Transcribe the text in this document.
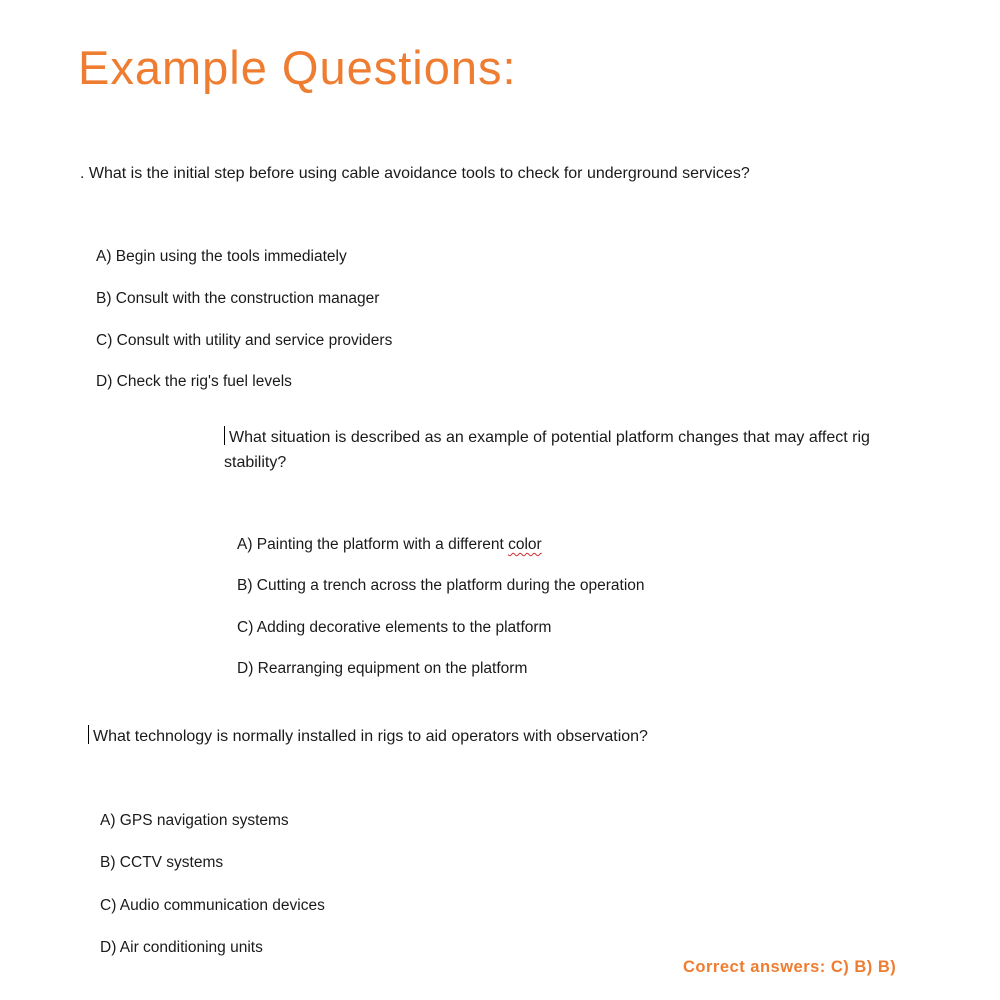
Example Questions:
. What is the initial step before using cable avoidance tools to check for underground services?
A) Begin using the tools immediately
B) Consult with the construction manager
C) Consult with utility and service providers
D) Check the rig's fuel levels
What situation is described as an example of potential platform changes that may affect rig
stability?
A) Painting the platform with a different color
B) Cutting a trench across the platform during the operation
C) Adding decorative elements to the platform
D) Rearranging equipment on the platform
What technology is normally installed in rigs to aid operators with observation?
A) GPS navigation systems
B) CCTV systems
C) Audio communication devices
D) Air conditioning units
Correct answers: C) B) B)
